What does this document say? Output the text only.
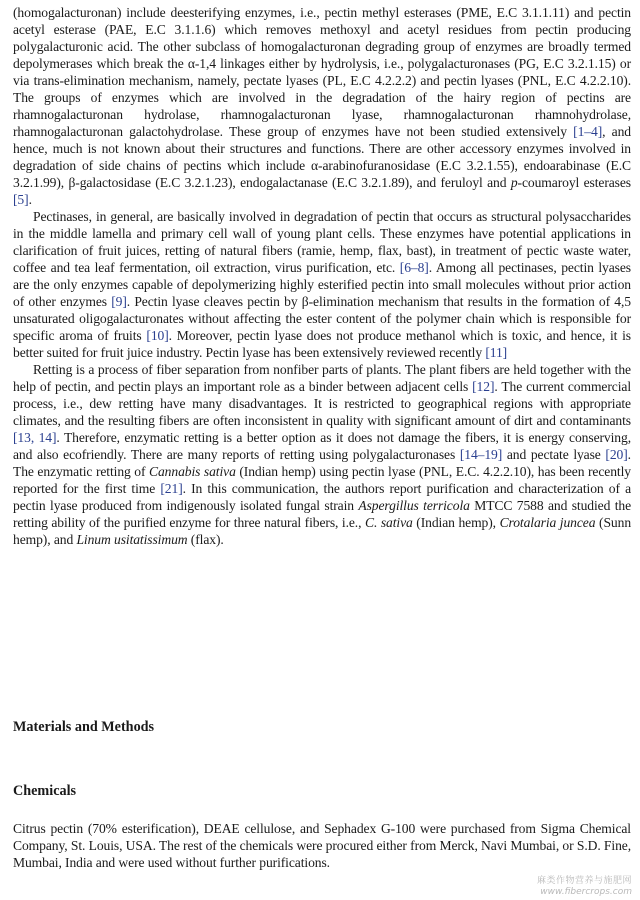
(homogalacturonan) include deesterifying enzymes, i.e., pectin methyl esterases (PME, E.C 3.1.1.11) and pectin acetyl esterase (PAE, E.C 3.1.1.6) which removes methoxyl and acetyl residues from pectin producing polygalacturonic acid. The other subclass of homogalacturonan degrading group of enzymes are broadly termed depolymerases which break the α-1,4 linkages either by hydrolysis, i.e., polygalacturonases (PG, E.C 3.2.1.15) or via trans-elimination mechanism, namely, pectate lyases (PL, E.C 4.2.2.2) and pectin lyases (PNL, E.C 4.2.2.10). The groups of enzymes which are involved in the degradation of the hairy region of pectins are rhamnogalacturonan hydrolase, rhamnogalacturonan lyase, rhamnogalacturonan rhamnohydrolase, rhamnogalacturonan galactohydrolase. These group of enzymes have not been studied extensively [1–4], and hence, much is not known about their structures and functions. There are other accessory enzymes involved in degradation of side chains of pectins which include α-arabinofuranosidase (E.C 3.2.1.55), endoarabinase (E.C 3.2.1.99), β-galactosidase (E.C 3.2.1.23), endogalactanase (E.C 3.2.1.89), and feruloyl and p-coumaroyl esterases [5].

Pectinases, in general, are basically involved in degradation of pectin that occurs as structural polysaccharides in the middle lamella and primary cell wall of young plant cells. These enzymes have potential applications in clarification of fruit juices, retting of natural fibers (ramie, hemp, flax, bast), in treatment of pectic waste water, coffee and tea leaf fermentation, oil extraction, virus purification, etc. [6–8]. Among all pectinases, pectin lyases are the only enzymes capable of depolymerizing highly esterified pectin into small molecules without prior action of other enzymes [9]. Pectin lyase cleaves pectin by β-elimination mechanism that results in the formation of 4,5 unsaturated oligogalacturonates without affecting the ester content of the polymer chain which is responsible for specific aroma of fruits [10]. Moreover, pectin lyase does not produce methanol which is toxic, and hence, it is better suited for fruit juice industry. Pectin lyase has been extensively reviewed recently [11]

Retting is a process of fiber separation from nonfiber parts of plants. The plant fibers are held together with the help of pectin, and pectin plays an important role as a binder between adjacent cells [12]. The current commercial process, i.e., dew retting have many disadvantages. It is restricted to geographical regions with appropriate climates, and the resulting fibers are often inconsistent in quality with significant amount of dirt and contaminants [13, 14]. Therefore, enzymatic retting is a better option as it does not damage the fibers, it is energy conserving, and also ecofriendly. There are many reports of retting using polygalacturonases [14–19] and pectate lyase [20]. The enzymatic retting of Cannabis sativa (Indian hemp) using pectin lyase (PNL, E.C. 4.2.2.10), has been recently reported for the first time [21]. In this communication, the authors report purification and characterization of a pectin lyase produced from indigenously isolated fungal strain Aspergillus terricola MTCC 7588 and studied the retting ability of the purified enzyme for three natural fibers, i.e., C. sativa (Indian hemp), Crotalaria juncea (Sunn hemp), and Linum usitatissimum (flax).

Materials and Methods
Chemicals

Citrus pectin (70% esterification), DEAE cellulose, and Sephadex G-100 were purchased from Sigma Chemical Company, St. Louis, USA. The rest of the chemicals were procured either from Merck, Navi Mumbai, or S.D. Fine, Mumbai, India and were used without further purifications.

麻类作物营养与施肥网
www.fibercrops.com
